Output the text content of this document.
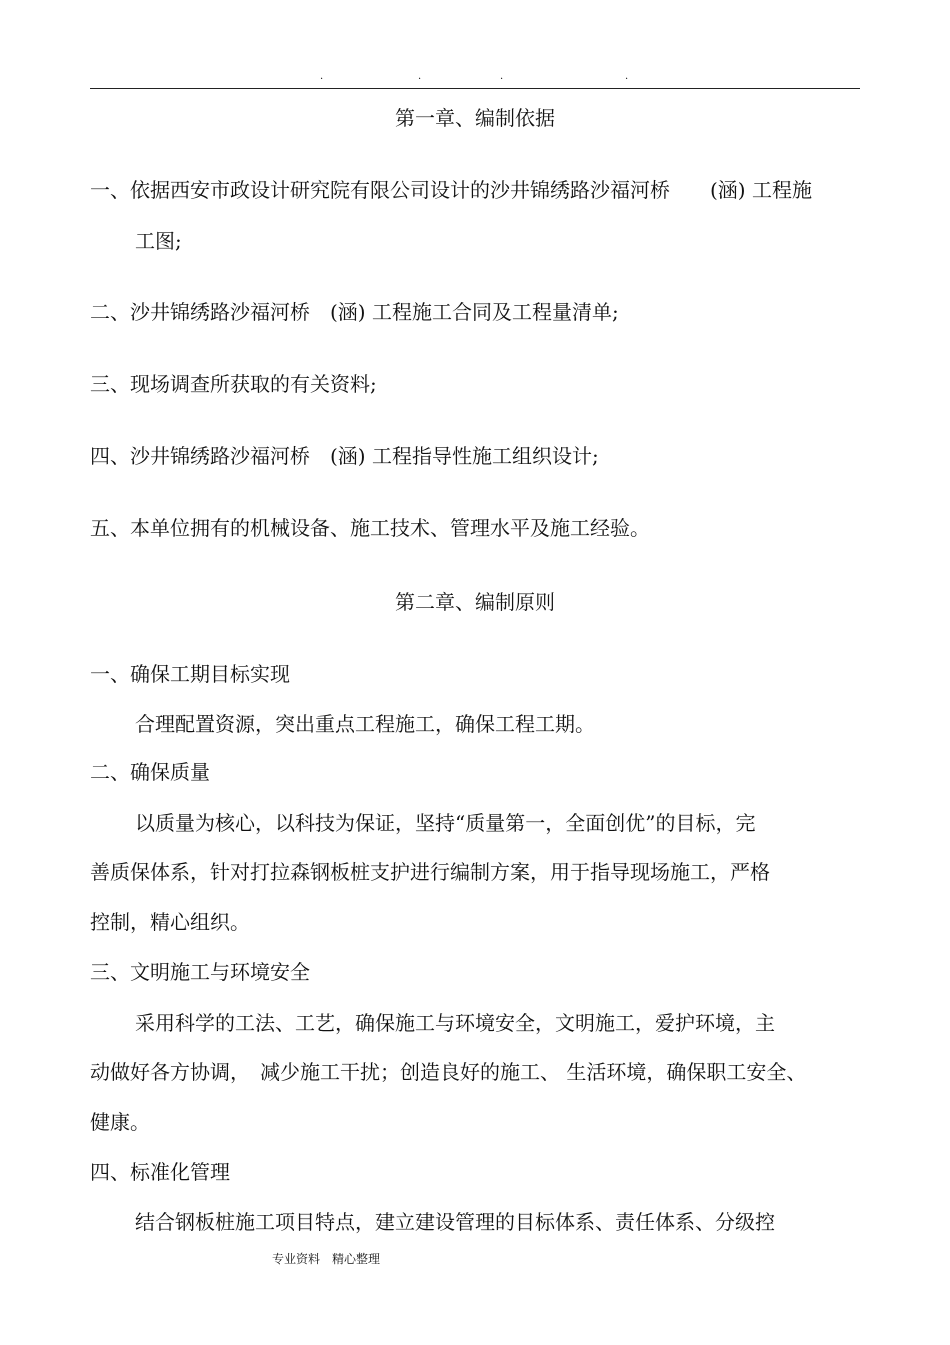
.	.	.	.
第一章、编制依据
一、依据西安市政设计研究院有限公司设计的沙井锦绣路沙福河桥　　(涵) 工程施
工图;
二、沙井锦绣路沙福河桥　(涵) 工程施工合同及工程量清单;
三、现场调查所获取的有关资料;
四、沙井锦绣路沙福河桥　(涵) 工程指导性施工组织设计;
五、本单位拥有的机械设备、施工技术、管理水平及施工经验。
第二章、编制原则
一、确保工期目标实现
合理配置资源，突出重点工程施工，确保工程工期。
二、确保质量
以质量为核心，以科技为保证，坚持“质量第一，全面创优”的目标，完
善质保体系，针对打拉森钢板桩支护进行编制方案，用于指导现场施工，严格
控制，精心组织。
三、文明施工与环境安全
采用科学的工法、工艺，确保施工与环境安全，文明施工，爱护环境，主
动做好各方协调，　减少施工干扰；创造良好的施工、 生活环境，确保职工安全、
健康。
四、标准化管理
结合钢板桩施工项目特点，建立建设管理的目标体系、责任体系、分级控
专业资料　精心整理
